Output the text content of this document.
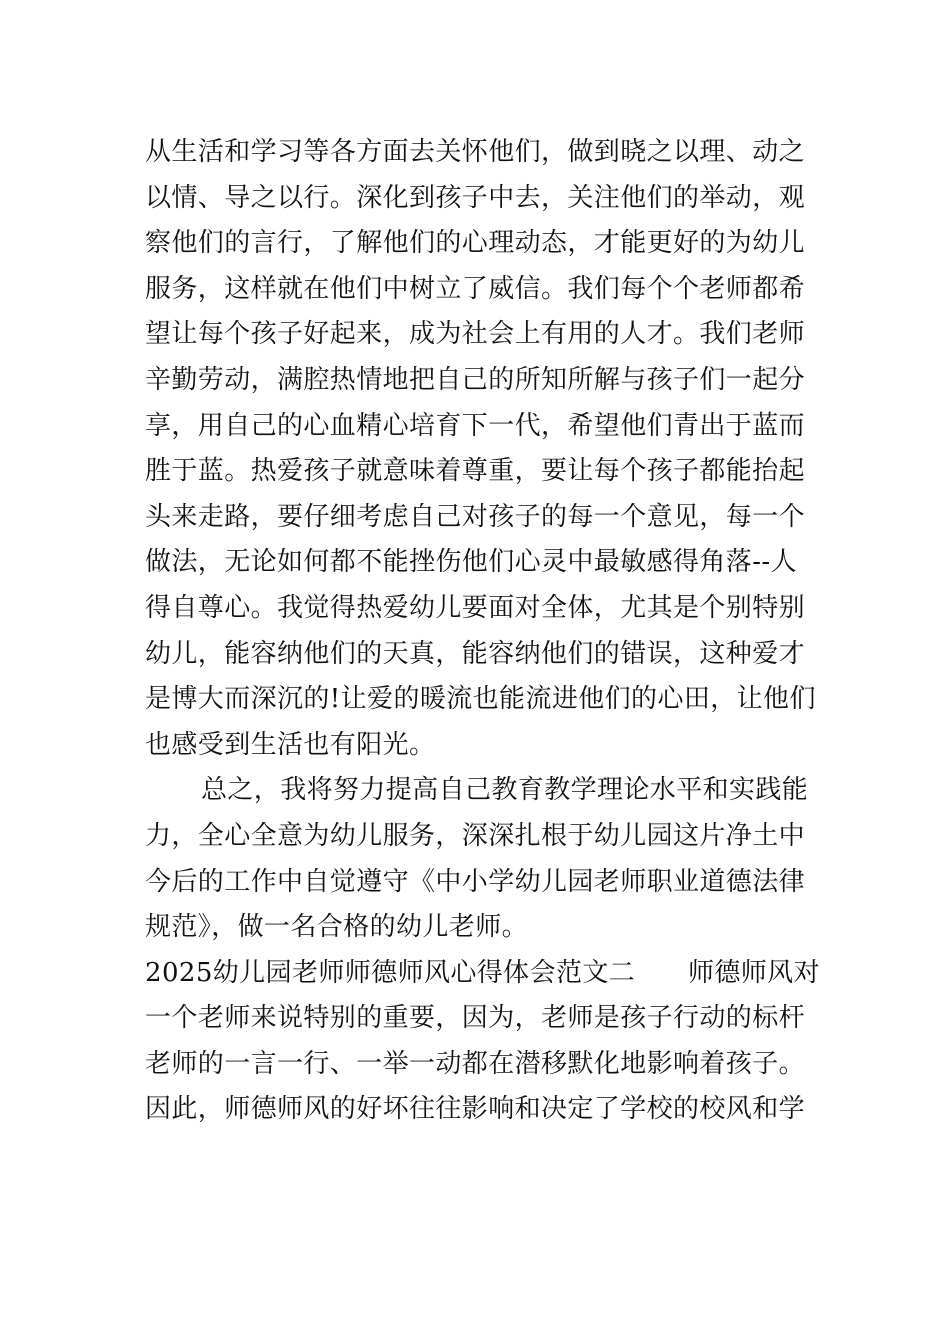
从生活和学习等各方面去关怀他们，做到晓之以理、动之
以情、导之以行。深化到孩子中去，关注他们的举动，观
察他们的言行，了解他们的心理动态，才能更好的为幼儿
服务，这样就在他们中树立了威信。我们每个个老师都希
望让每个孩子好起来，成为社会上有用的人才。我们老师
辛勤劳动，满腔热情地把自己的所知所解与孩子们一起分
享，用自己的心血精心培育下一代，希望他们青出于蓝而
胜于蓝。热爱孩子就意味着尊重，要让每个孩子都能抬起
头来走路，要仔细考虑自己对孩子的每一个意见，每一个
做法，无论如何都不能挫伤他们心灵中最敏感得角落--人
得自尊心。我觉得热爱幼儿要面对全体，尤其是个别特别
幼儿，能容纳他们的天真，能容纳他们的错误，这种爱才
是博大而深沉的!让爱的暖流也能流进他们的心田，让他们
也感受到生活也有阳光。
总之，我将努力提高自己教育教学理论水平和实践能
力，全心全意为幼儿服务，深深扎根于幼儿园这片净土中
今后的工作中自觉遵守《中小学幼儿园老师职业道德法律
规范》，做一名合格的幼儿老师。
2025幼儿园老师师德师风心得体会范文二　　师德师风对
一个老师来说特别的重要，因为，老师是孩子行动的标杆
老师的一言一行、一举一动都在潜移默化地影响着孩子。
因此，师德师风的好坏往往影响和决定了学校的校风和学
